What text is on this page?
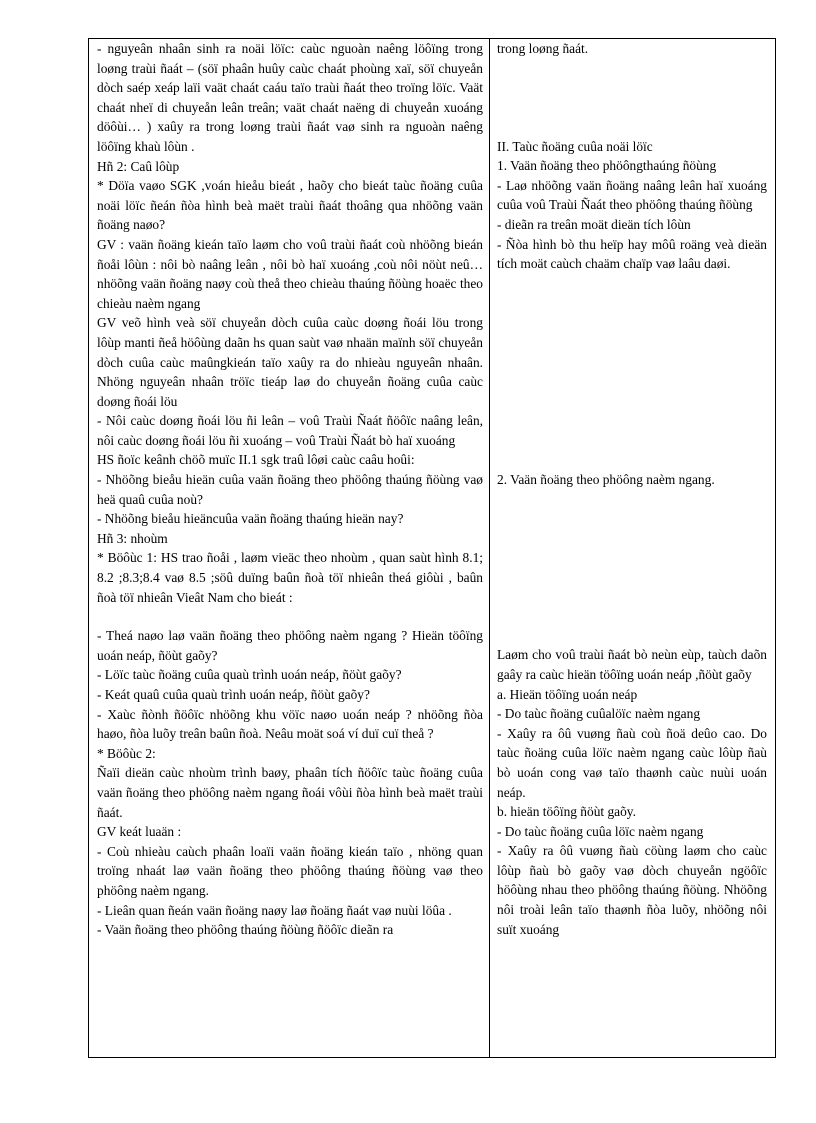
- nguyeân nhaân sinh ra noäi löïc: caùc nguoàn naêng löôïng trong loøng traùi ñaát – (söï phaân huûy caùc chaát phoùng xaï, söï chuyeån dòch saép xeáp laïi vaät chaát caáu taïo traùi ñaát theo troïng löïc. Vaät chaát nheï di chuyeån leân treân; vaät chaát naëng di chuyeån xuoáng döôùi… ) xaûy ra trong loøng traùi ñaát vaø sinh ra nguoàn naêng löôïng khaù lôùn .

Hñ 2: Caû lôùp

* Döïa vaøo SGK ,voán hieåu bieát , haõy cho bieát taùc ñoäng cuûa noäi löïc ñeán ñòa hình beà maët traùi ñaát thoâng qua nhöõng vaän ñoäng naøo?

GV : vaän ñoäng kieán taïo laøm cho voû traùi ñaát coù nhöõng bieán ñoåi lôùn : nôi bò naâng leân , nôi bò haï xuoáng ,coù nôi nöùt neû…nhöõng vaän ñoäng naøy coù theå theo chieàu thaúng ñöùng hoaëc theo chieàu naèm ngang

GV veõ hình veà söï chuyeån dòch cuûa caùc doøng ñoái löu trong lôùp manti ñeå höôùng daãn hs quan saùt vaø nhaän maïnh söï chuyeån dòch cuûa caùc maûngkieán taïo xaûy ra do nhieàu nguyeân nhaân. Nhöng nguyeân nhaân tröïc tieáp laø do chuyeån ñoäng cuûa caùc doøng ñoái löu

- Nôi caùc doøng ñoái löu ñi leân – voû Traùi Ñaát ñöôïc naâng leân, nôi caùc doøng ñoái löu ñi xuoáng – voû Traùi Ñaát bò haï xuoáng

HS ñoïc keânh chöõ muïc II.1 sgk traû lôøi caùc caâu hoûi:

- Nhöõng bieåu hieän cuûa vaän ñoäng theo phöông thaúng ñöùng vaø heä quaû cuûa noù?

- Nhöõng bieåu hieäncuûa vaän ñoäng thaúng hieän nay?

Hñ 3: nhoùm

* Böôùc 1: HS trao ñoåi , laøm vieäc theo nhoùm , quan saùt hình 8.1; 8.2 ;8.3;8.4 vaø 8.5 ;söû duïng baûn ñoà töï nhieân theá giôùi , baûn ñoà töï nhieân Vieât Nam cho bieát :

- Theá naøo laø vaän ñoäng theo phöông naèm ngang ? Hieän töôïng uoán neáp, ñöùt gaõy?

- Löïc taùc ñoäng cuûa quaù trình uoán neáp, ñöùt gaõy?

- Keát quaû cuûa quaù trình uoán neáp, ñöùt gaõy?

- Xaùc ñònh ñöôïc nhöõng khu vöïc naøo uoán neáp ? nhöõng ñòa haøo, ñòa luõy treân baûn ñoà. Neâu moät soá ví duï cuï theå ?

* Böôùc 2:

Ñaïi dieän caùc nhoùm trình baøy, phaân tích ñöôïc taùc ñoäng cuûa vaän ñoäng theo phöông naèm ngang ñoái vôùi ñòa hình beà maët traùi ñaát.

GV keát luaän :

- Coù nhieàu caùch phaân loaïi vaän ñoäng kieán taïo , nhöng quan troïng nhaát laø vaän ñoäng theo phöông thaúng ñöùng vaø theo phöông naèm ngang.

- Lieân quan ñeán vaän ñoäng naøy laø ñoäng ñaát vaø nuùi löûa .

- Vaän ñoäng theo phöông thaúng ñöùng ñöôïc dieãn ra

trong loøng ñaát.

II. Taùc ñoäng cuûa noäi löïc

1. Vaän ñoäng theo phöôngthaúng ñöùng

- Laø nhöõng vaän ñoäng naâng leân haï xuoáng cuûa voû Traùi Ñaát theo phöông thaúng ñöùng

- dieãn ra treân moät dieän tích lôùn

- Ñòa hình bò thu heïp hay môû roäng veà dieän tích moät caùch chaäm chaïp vaø laâu daøi.

2. Vaän ñoäng theo phöông naèm ngang.

Laøm cho voû traùi ñaát bò neùn eùp, taùch daõn gaây ra caùc hieän töôïng uoán neáp ,ñöùt gaõy

a. Hieän töôïng uoán neáp

- Do taùc ñoäng cuûalöïc naèm ngang

- Xaûy ra ôû vuøng ñaù coù ñoä deûo cao. Do taùc ñoäng cuûa löïc naèm ngang caùc lôùp ñaù bò uoán cong vaø taïo thaønh caùc nuùi uoán neáp.

b. hieän töôïng ñöùt gaõy.

- Do taùc ñoäng cuûa löïc naèm ngang

- Xaûy ra ôû vuøng ñaù cöùng laøm cho caùc lôùp ñaù bò gaõy vaø dòch chuyeån ngöôïc höôùng nhau theo phöông thaúng ñöùng. Nhöõng nôi troài leân taïo thaønh ñòa luõy, nhöõng nôi suït xuoáng
